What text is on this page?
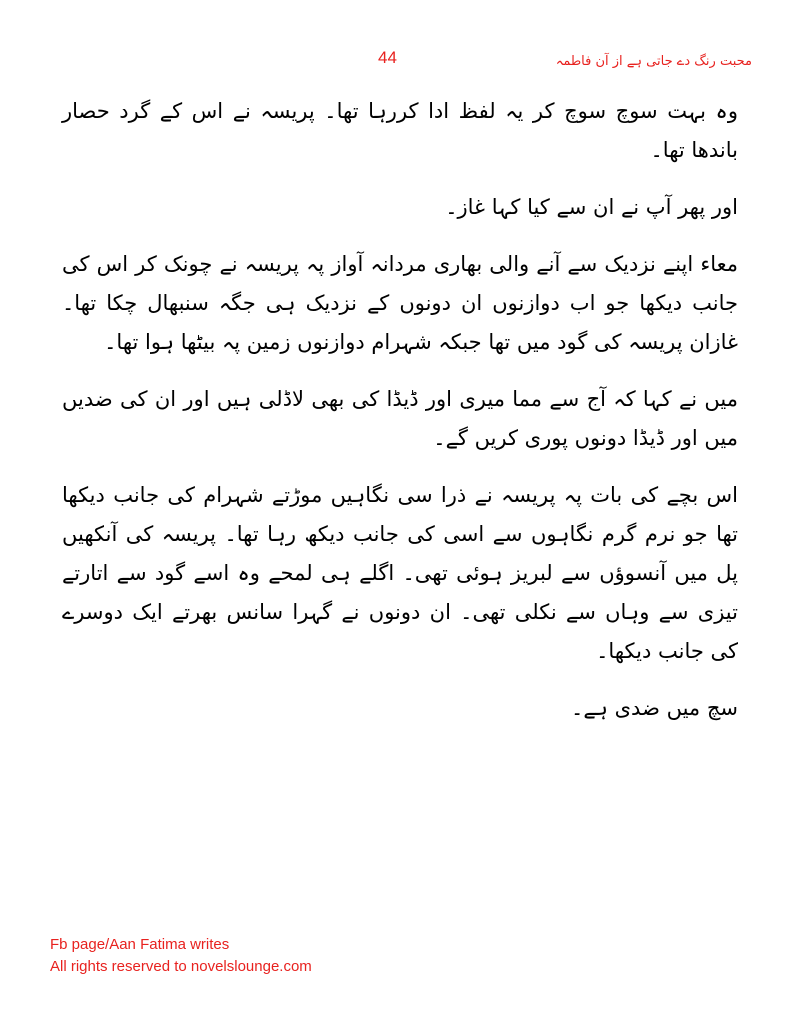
44	محبت رنگ دے جاتی ہے از آن فاطمہ

وہ بہت سوچ سوچ کر یہ لفظ ادا کررہا تھا۔ پریسہ نے اس کے گرد حصار باندھا تھا۔

اور پھر آپ نے ان سے کیا کہا غاز۔

معاء اپنے نزدیک سے آنے والی بھاری مردانہ آواز پہ پریسہ نے چونک کر اس کی جانب دیکھا جو اب دوازنوں ان دونوں کے نزدیک ہی جگہ سنبھال چکا تھا۔ غازان پریسہ کی گود میں تھا جبکہ شہرام دوازنوں زمین پہ بیٹھا ہوا تھا۔

میں نے کہا کہ آج سے مما میری اور ڈیڈا کی بھی لاڈلی ہیں اور ان کی ضدیں میں اور ڈیڈا دونوں پوری کریں گے۔

اس بچے کی بات پہ پریسہ نے ذرا سی نگاہیں موڑتے شہرام کی جانب دیکھا تھا جو نرم گرم نگاہوں سے اسی کی جانب دیکھ رہا تھا۔ پریسہ کی آنکھیں پل میں آنسوؤں سے لبریز ہوئی تھی۔ اگلے ہی لمحے وہ اسے گود سے اتارتے تیزی سے وہاں سے نکلی تھی۔ ان دونوں نے گہرا سانس بھرتے ایک دوسرے کی جانب دیکھا۔

سچ میں ضدی ہے۔

Fb page/Aan Fatima writes
All rights reserved to novelslounge.com
